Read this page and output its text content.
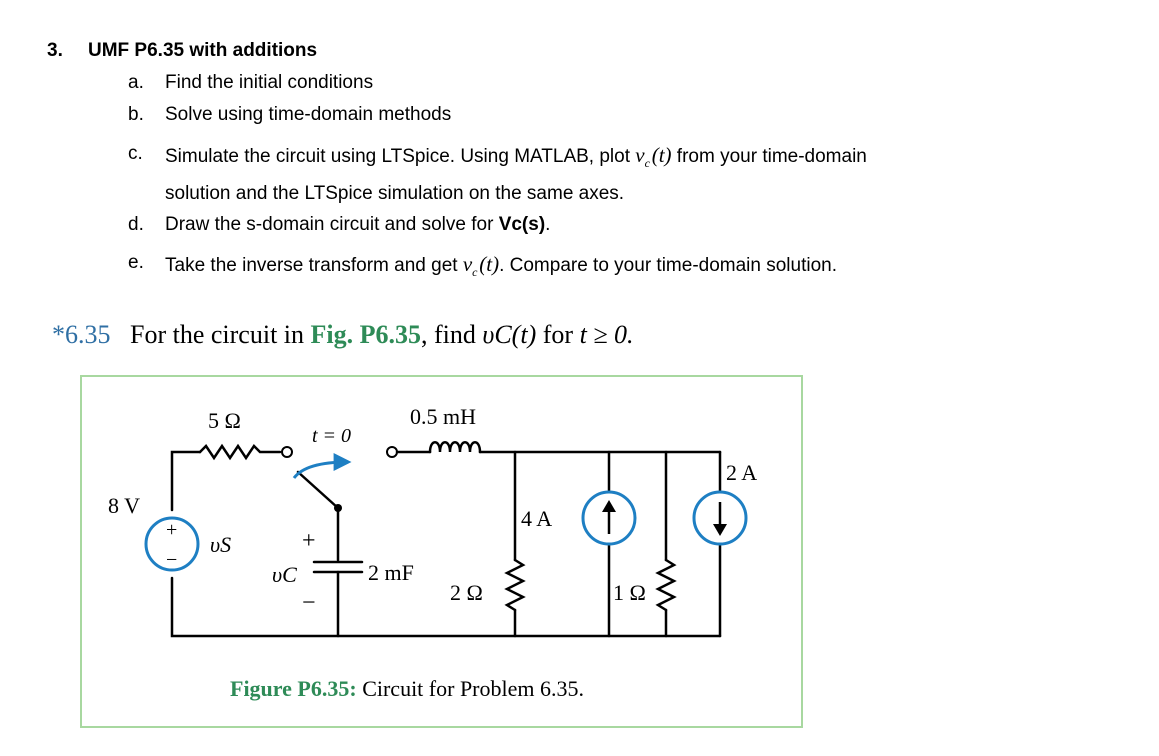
3. UMF P6.35 with additions
a. Find the initial conditions
b. Solve using time-domain methods
c. Simulate the circuit using LTSpice. Using MATLAB, plot $v_c$ (t) from your time-domain
solution and the LTSpice simulation on the same axes.
d. Draw the s-domain circuit and solve for Vc(s).
e. Take the inverse transform and get $v_c$ (t). Compare to your time-domain solution.
*6.35 For the circuit in Fig. P6.35, find υC(t) for t ≥ 0.
5 Ω
t = 0
0.5 mH
8 V
+
−
υS	+
υC
−
2 mF
2 Ω
4 A
1 Ω
2 A
Figure P6.35: Circuit for Problem 6.35.
